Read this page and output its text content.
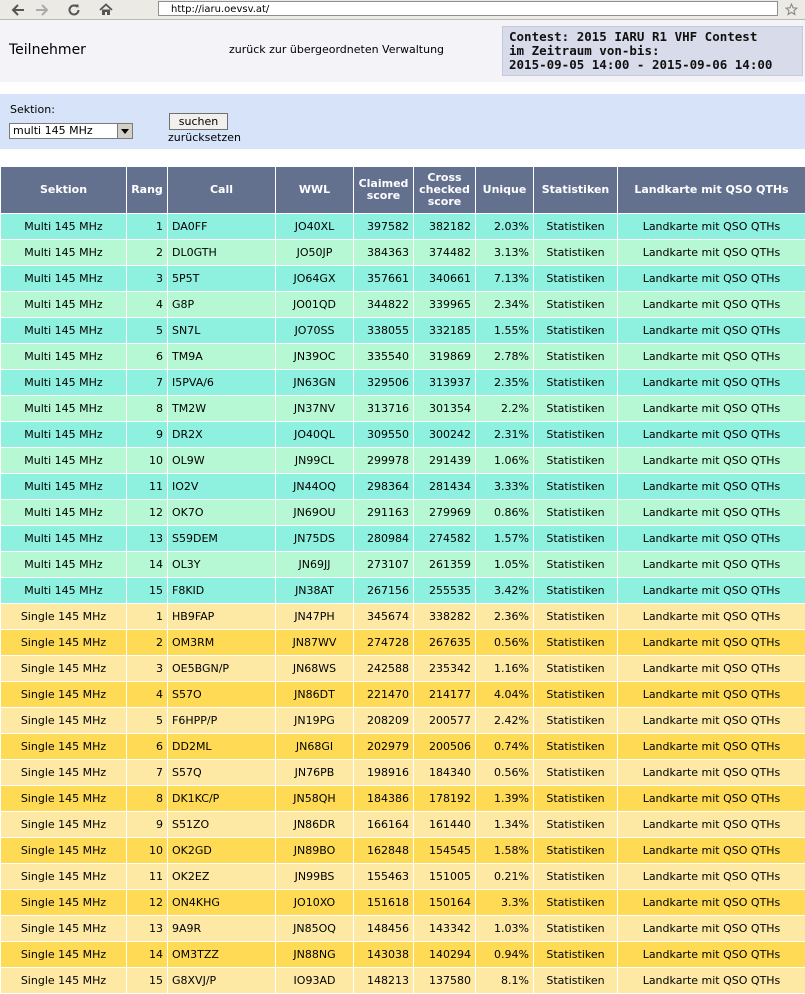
http://iaru.oevsv.at/
Teilnehmer	zurück zur übergeordneten Verwaltung
Contest: 2015 IARU R1 VHF Contest
im Zeitraum von-bis:
2015-09-05 14:00 - 2015-09-06 14:00
Sektion:
multi 145 MHz
suchen
zurücksetzen
Sektion	Rang	Call	WWL	Claimed score	Cross checked score	Unique	Statistiken	Landkarte mit QSO QTHs
Multi 145 MHz	1	DA0FF	JO40XL	397582	382182	2.03%	Statistiken	Landkarte mit QSO QTHs
Multi 145 MHz	2	DL0GTH	JO50JP	384363	374482	3.13%	Statistiken	Landkarte mit QSO QTHs
Multi 145 MHz	3	5P5T	JO64GX	357661	340661	7.13%	Statistiken	Landkarte mit QSO QTHs
Multi 145 MHz	4	G8P	JO01QD	344822	339965	2.34%	Statistiken	Landkarte mit QSO QTHs
Multi 145 MHz	5	SN7L	JO70SS	338055	332185	1.55%	Statistiken	Landkarte mit QSO QTHs
Multi 145 MHz	6	TM9A	JN39OC	335540	319869	2.78%	Statistiken	Landkarte mit QSO QTHs
Multi 145 MHz	7	I5PVA/6	JN63GN	329506	313937	2.35%	Statistiken	Landkarte mit QSO QTHs
Multi 145 MHz	8	TM2W	JN37NV	313716	301354	2.2%	Statistiken	Landkarte mit QSO QTHs
Multi 145 MHz	9	DR2X	JO40QL	309550	300242	2.31%	Statistiken	Landkarte mit QSO QTHs
Multi 145 MHz	10	OL9W	JN99CL	299978	291439	1.06%	Statistiken	Landkarte mit QSO QTHs
Multi 145 MHz	11	IO2V	JN44OQ	298364	281434	3.33%	Statistiken	Landkarte mit QSO QTHs
Multi 145 MHz	12	OK7O	JN69OU	291163	279969	0.86%	Statistiken	Landkarte mit QSO QTHs
Multi 145 MHz	13	S59DEM	JN75DS	280984	274582	1.57%	Statistiken	Landkarte mit QSO QTHs
Multi 145 MHz	14	OL3Y	JN69JJ	273107	261359	1.05%	Statistiken	Landkarte mit QSO QTHs
Multi 145 MHz	15	F8KID	JN38AT	267156	255535	3.42%	Statistiken	Landkarte mit QSO QTHs
Single 145 MHz	1	HB9FAP	JN47PH	345674	338282	2.36%	Statistiken	Landkarte mit QSO QTHs
Single 145 MHz	2	OM3RM	JN87WV	274728	267635	0.56%	Statistiken	Landkarte mit QSO QTHs
Single 145 MHz	3	OE5BGN/P	JN68WS	242588	235342	1.16%	Statistiken	Landkarte mit QSO QTHs
Single 145 MHz	4	S57O	JN86DT	221470	214177	4.04%	Statistiken	Landkarte mit QSO QTHs
Single 145 MHz	5	F6HPP/P	JN19PG	208209	200577	2.42%	Statistiken	Landkarte mit QSO QTHs
Single 145 MHz	6	DD2ML	JN68GI	202979	200506	0.74%	Statistiken	Landkarte mit QSO QTHs
Single 145 MHz	7	S57Q	JN76PB	198916	184340	0.56%	Statistiken	Landkarte mit QSO QTHs
Single 145 MHz	8	DK1KC/P	JN58QH	184386	178192	1.39%	Statistiken	Landkarte mit QSO QTHs
Single 145 MHz	9	S51ZO	JN86DR	166164	161440	1.34%	Statistiken	Landkarte mit QSO QTHs
Single 145 MHz	10	OK2GD	JN89BO	162848	154545	1.58%	Statistiken	Landkarte mit QSO QTHs
Single 145 MHz	11	OK2EZ	JN99BS	155463	151005	0.21%	Statistiken	Landkarte mit QSO QTHs
Single 145 MHz	12	ON4KHG	JO10XO	151618	150164	3.3%	Statistiken	Landkarte mit QSO QTHs
Single 145 MHz	13	9A9R	JN85OQ	148456	143342	1.03%	Statistiken	Landkarte mit QSO QTHs
Single 145 MHz	14	OM3TZZ	JN88NG	143038	140294	0.94%	Statistiken	Landkarte mit QSO QTHs
Single 145 MHz	15	G8XVJ/P	IO93AD	148213	137580	8.1%	Statistiken	Landkarte mit QSO QTHs
